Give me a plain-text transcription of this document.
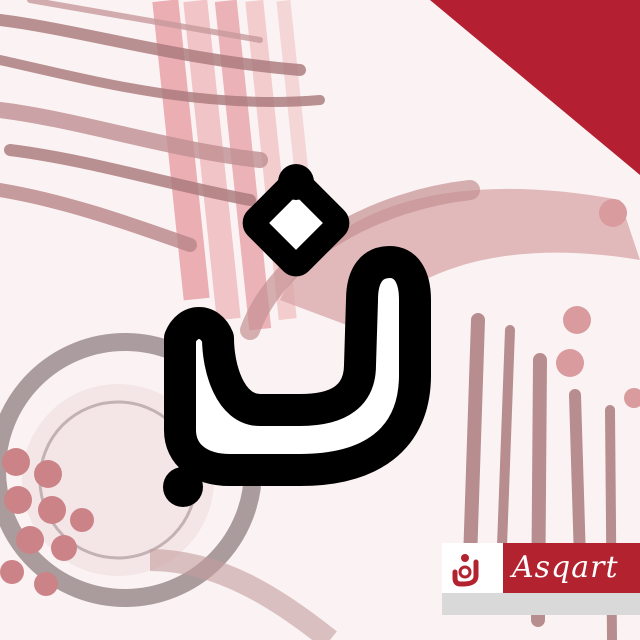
Asqart
